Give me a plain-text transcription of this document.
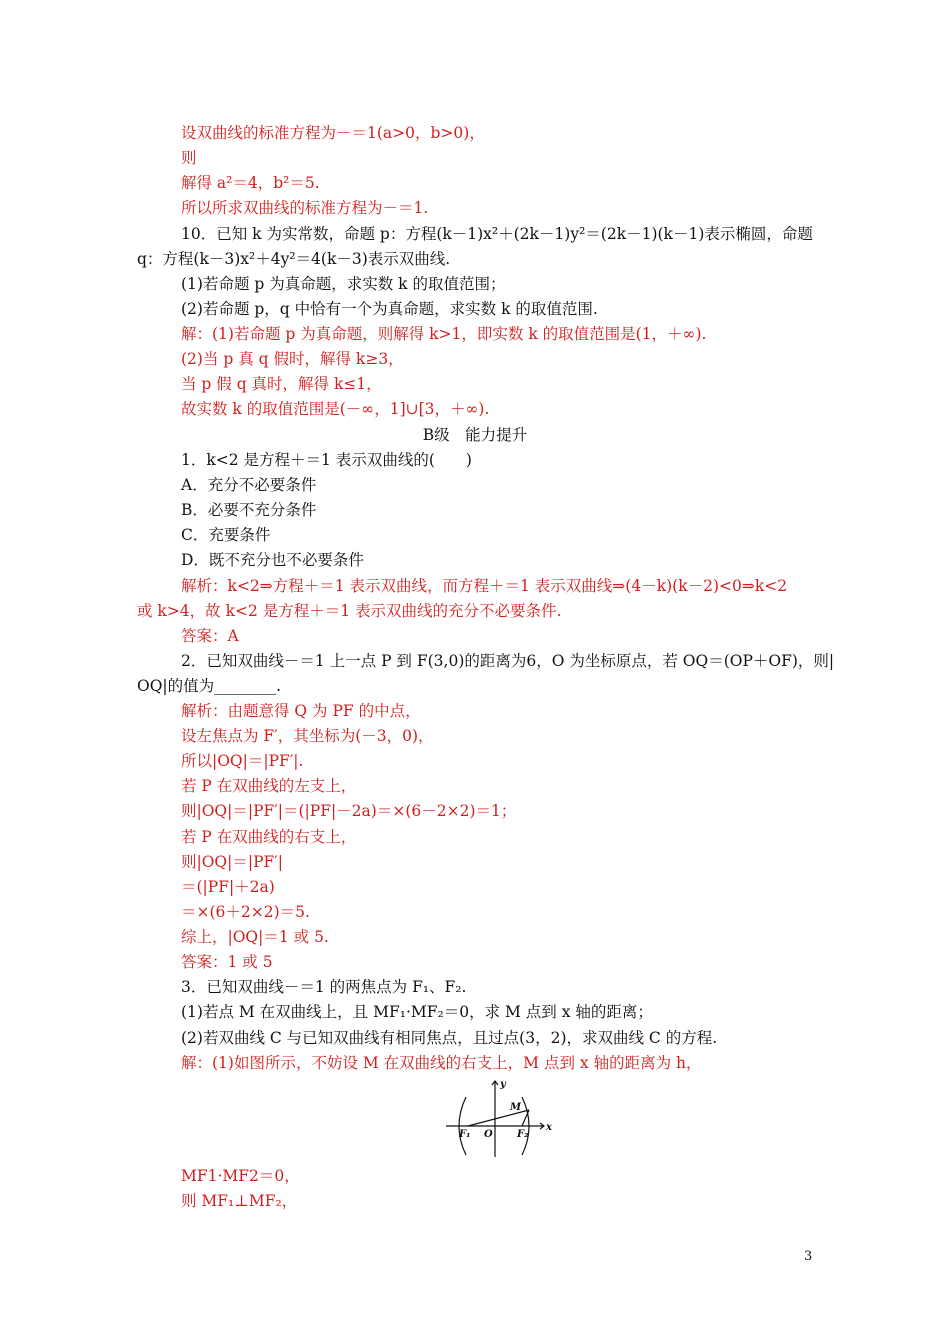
设双曲线的标准方程为－＝1(a>0，b>0)，
则
解得 a²＝4，b²＝5.
所以所求双曲线的标准方程为－＝1.
10．已知 k 为实常数，命题 p：方程(k－1)x²＋(2k－1)y²＝(2k－1)(k－1)表示椭圆，命题
q：方程(k－3)x²＋4y²＝4(k－3)表示双曲线.
(1)若命题 p 为真命题，求实数 k 的取值范围；
(2)若命题 p，q 中恰有一个为真命题，求实数 k 的取值范围.
解：(1)若命题 p 为真命题，则解得 k>1，即实数 k 的取值范围是(1，＋∞).
(2)当 p 真 q 假时，解得 k≥3，
当 p 假 q 真时，解得 k≤1，
故实数 k 的取值范围是(－∞，1]∪[3，＋∞).
B级　能力提升
1．k<2 是方程＋＝1 表示双曲线的(　　)
A．充分不必要条件
B．必要不充分条件
C．充要条件
D．既不充分也不必要条件
解析：k<2⇒方程＋＝1 表示双曲线，而方程＋＝1 表示双曲线⇒(4－k)(k－2)<0⇒k<2
或 k>4，故 k<2 是方程＋＝1 表示双曲线的充分不必要条件.
答案：A
2．已知双曲线－＝1 上一点 P 到 F(3,0)的距离为6，O 为坐标原点，若 OQ＝(OP＋OF)，则|
OQ|的值为________.
解析：由题意得 Q 为 PF 的中点，
设左焦点为 F′，其坐标为(－3，0)，
所以|OQ|＝|PF′|.
若 P 在双曲线的左支上，
则|OQ|＝|PF′|＝(|PF|－2a)＝×(6－2×2)＝1；
若 P 在双曲线的右支上，
则|OQ|＝|PF′|
＝(|PF|＋2a)
＝×(6＋2×2)＝5.
综上，|OQ|＝1 或 5.
答案：1 或 5
3．已知双曲线－＝1 的两焦点为 F₁、F₂.
(1)若点 M 在双曲线上，且 MF₁·MF₂＝0，求 M 点到 x 轴的距离；
(2)若双曲线 C 与已知双曲线有相同焦点，且过点(3，2)，求双曲线 C 的方程.
解：(1)如图所示，不妨设 M 在双曲线的右支上，M 点到 x 轴的距离为 h，
y
x
M
F₁ O F₂
MF1·MF2＝0，
则 MF₁⊥MF₂，
3
